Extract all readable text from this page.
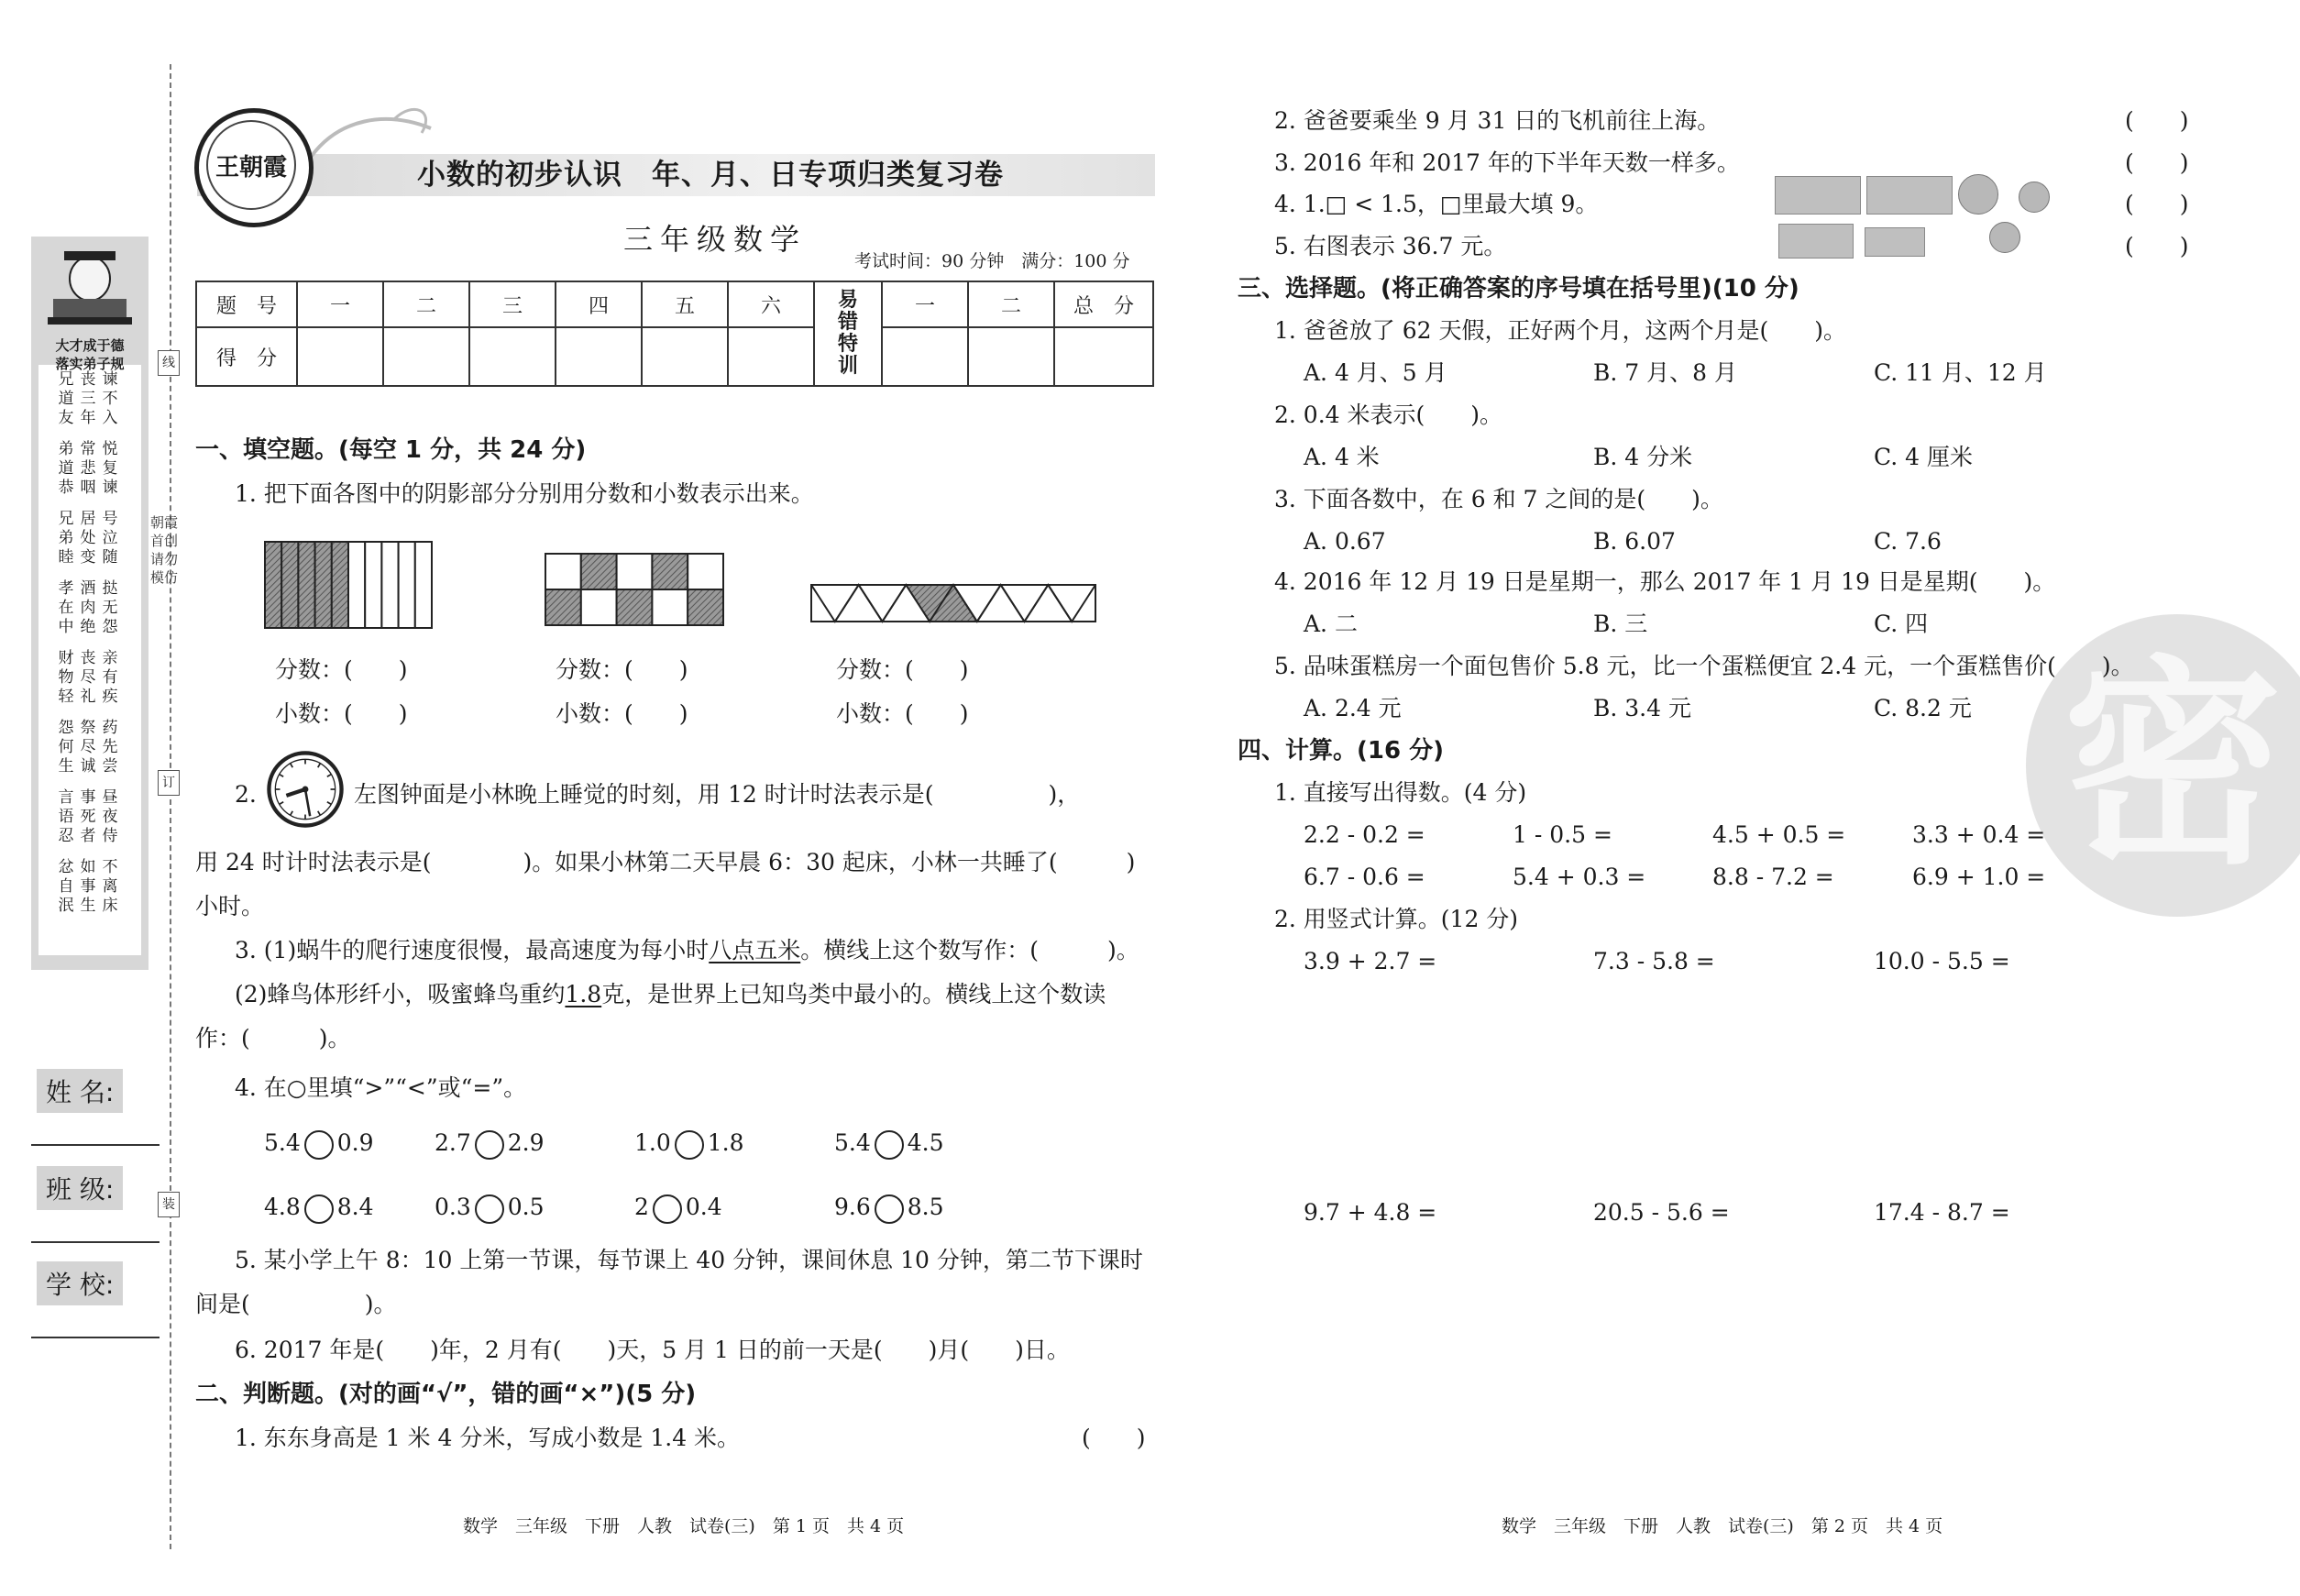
大才成于德
落实弟子规
兄道友
丧三年
谏不入
弟道恭
常悲咽
悦复谏
兄弟睦
居处变
号泣随
孝在中
酒肉绝
挞无怨
财物轻
丧尽礼
亲有疾
怨何生
祭尽诚
药先尝
言语忍
事死者
昼夜侍
忿自泯
如事生
不离床
姓 名:
班 级:
学 校:
线
订
装
朝霞首创 请勿模仿
王朝霞	小数的初步认识　年、月、日专项归类复习卷
三年级数学
考试时间：90 分钟　满分：100 分
题　号	一	二	三	四	五	六	易错特训	一	二	总　分
得　分										
一、填空题。(每空 1 分，共 24 分)
1. 把下面各图中的阴影部分分别用分数和小数表示出来。
分数：(　　)	分数：(　　)	分数：(　　)
小数：(　　)	小数：(　　)	小数：(　　)
2.	左图钟面是小林晚上睡觉的时刻，用 12 时计时法表示是(　　　　　)，
用 24 时计时法表示是(　　　　)。如果小林第二天早晨 6：30 起床，小林一共睡了(　　　)
小时。
3. (1)蜗牛的爬行速度很慢，最高速度为每小时八点五米。横线上这个数写作：(　　　)。
(2)蜂鸟体形纤小，吸蜜蜂鸟重约1.8克，是世界上已知鸟类中最小的。横线上这个数读
作：(　　　)。
4. 在○里填“>”“<”或“=”。
5.4 0.9	2.7 2.9	1.0 1.8	5.4 4.5
4.8 8.4	0.3 0.5	2 0.4	9.6 8.5
5. 某小学上午 8：10 上第一节课，每节课上 40 分钟，课间休息 10 分钟，第二节下课时
间是(　　　　　)。
6. 2017 年是(　　)年，2 月有(　　)天，5 月 1 日的前一天是(　　)月(　　)日。
二、判断题。(对的画“√”，错的画“×”)(5 分)
1. 东东身高是 1 米 4 分米，写成小数是 1.4 米。	(　　)
数学　三年级　下册　人教　试卷(三)　第 1 页　共 4 页
密
2. 爸爸要乘坐 9 月 31 日的飞机前往上海。
3. 2016 年和 2017 年的下半年天数一样多。
4. 1.□ < 1.5，□里最大填 9。
5. 右图表示 36.7 元。
(　　)
(　　)
(　　)
(　　)
三、选择题。(将正确答案的序号填在括号里)(10 分)
1. 爸爸放了 62 天假，正好两个月，这两个月是(　　)。
A. 4 月、5 月	B. 7 月、8 月	C. 11 月、12 月
2. 0.4 米表示(　　)。
A. 4 米	B. 4 分米	C. 4 厘米
3. 下面各数中，在 6 和 7 之间的是(　　)。
A. 0.67	B. 6.07	C. 7.6
4. 2016 年 12 月 19 日是星期一，那么 2017 年 1 月 19 日是星期(　　)。
A. 二	B. 三	C. 四
5. 品味蛋糕房一个面包售价 5.8 元，比一个蛋糕便宜 2.4 元，一个蛋糕售价(　　)。
A. 2.4 元	B. 3.4 元	C. 8.2 元
四、计算。(16 分)
1. 直接写出得数。(4 分)
2.2 - 0.2 =	1 - 0.5 =	4.5 + 0.5 =	3.3 + 0.4 =
6.7 - 0.6 =	5.4 + 0.3 =	8.8 - 7.2 =	6.9 + 1.0 =
2. 用竖式计算。(12 分)
3.9 + 2.7 =	7.3 - 5.8 =	10.0 - 5.5 =
9.7 + 4.8 =	20.5 - 5.6 =	17.4 - 8.7 =
数学　三年级　下册　人教　试卷(三)　第 2 页　共 4 页
